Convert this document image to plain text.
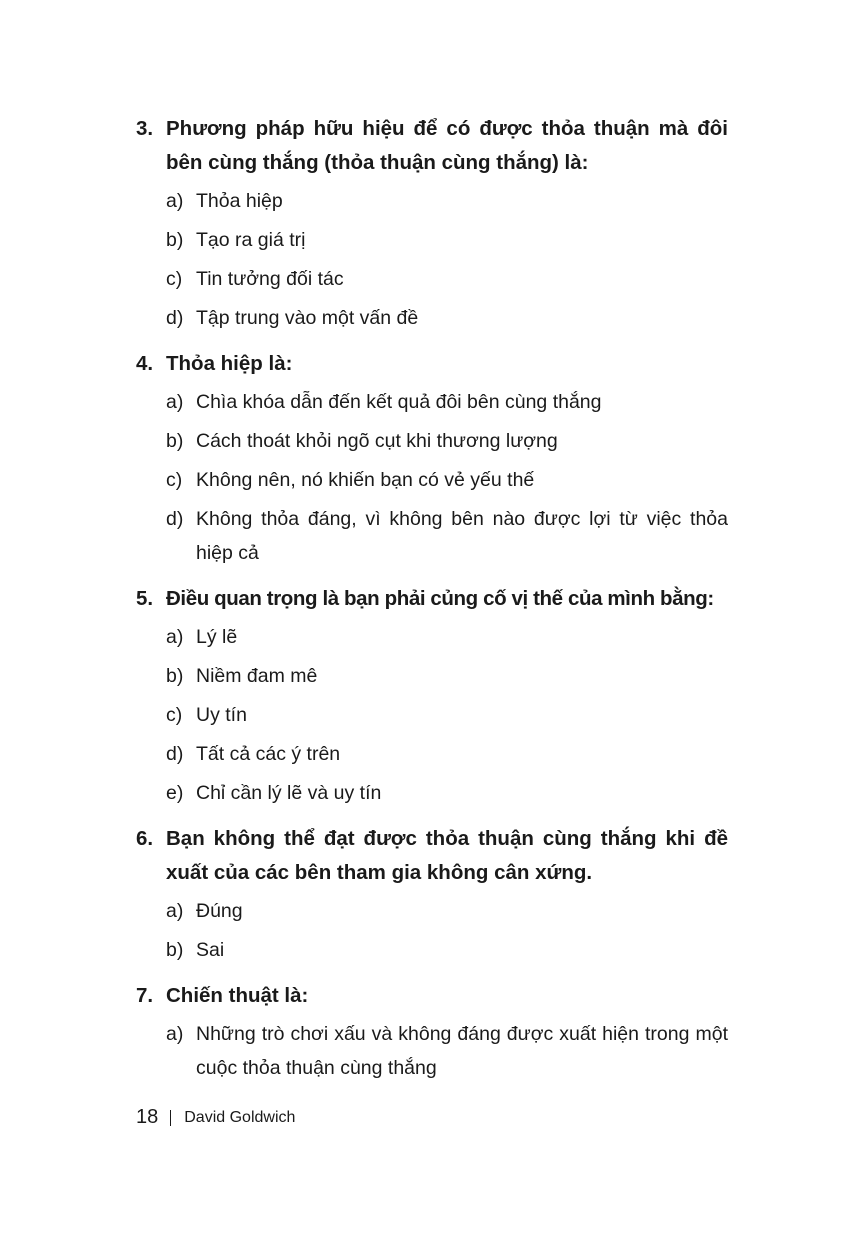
3. Phương pháp hữu hiệu để có được thỏa thuận mà đôi bên cùng thắng (thỏa thuận cùng thắng) là:
a) Thỏa hiệp
b) Tạo ra giá trị
c) Tin tưởng đối tác
d) Tập trung vào một vấn đề
4. Thỏa hiệp là:
a) Chìa khóa dẫn đến kết quả đôi bên cùng thắng
b) Cách thoát khỏi ngõ cụt khi thương lượng
c) Không nên, nó khiến bạn có vẻ yếu thế
d) Không thỏa đáng, vì không bên nào được lợi từ việc thỏa hiệp cả
5. Điều quan trọng là bạn phải củng cố vị thế của mình bằng:
a) Lý lẽ
b) Niềm đam mê
c) Uy tín
d) Tất cả các ý trên
e) Chỉ cần lý lẽ và uy tín
6. Bạn không thể đạt được thỏa thuận cùng thắng khi đề xuất của các bên tham gia không cân xứng.
a) Đúng
b) Sai
7. Chiến thuật là:
a) Những trò chơi xấu và không đáng được xuất hiện trong một cuộc thỏa thuận cùng thắng
18 David Goldwich
